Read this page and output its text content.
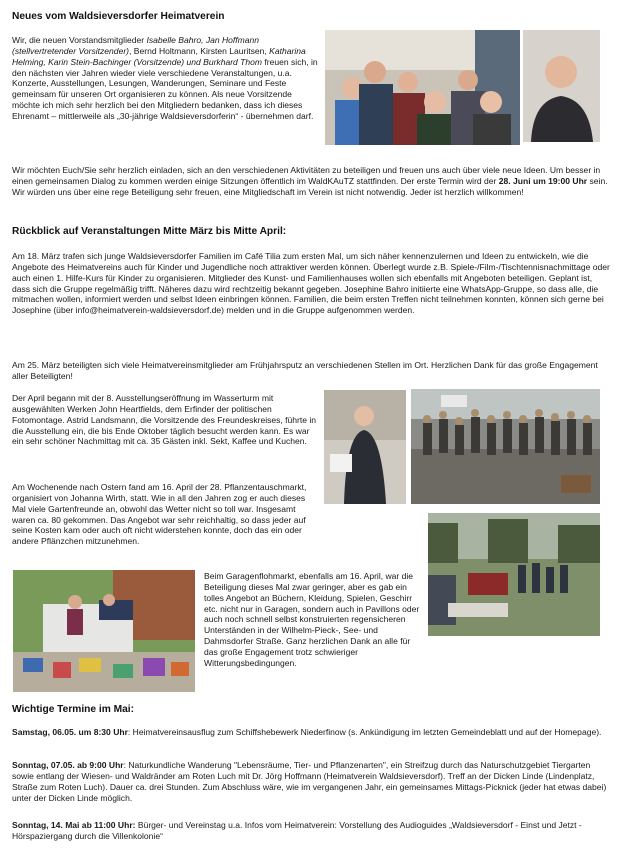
Neues vom Waldsieversdorfer Heimatverein

Wir, die neuen Vorstandsmitglieder Isabelle Bahro, Jan Hoffmann (stellvertretender Vorsitzender), Bernd Holtmann, Kirsten Lauritsen, Katharina Helming, Karin Stein-Bachinger (Vorsitzende) und Burkhard Thom freuen sich, in den nächsten vier Jahren wieder viele verschiedene Veranstaltungen, u.a. Konzerte, Ausstellungen, Lesungen, Wanderungen, Seminare und Feste gemeinsam für unseren Ort organisieren zu können. Als neue Vorsitzende möchte ich mich sehr herzlich bei den Mitgliedern bedanken, dass ich dieses Ehrenamt – mittlerweile als „30-jährige Waldsieversdorferin“ - übernehmen darf.

Wir möchten Euch/Sie sehr herzlich einladen, sich an den verschiedenen Aktivitäten zu beteiligen und freuen uns auch über viele neue Ideen. Um besser in einen gemeinsamen Dialog zu kommen werden einige Sitzungen öffentlich im WaldKAuTZ stattfinden. Der erste Termin wird der 28. Juni um 19:00 Uhr sein. Wir würden uns über eine rege Beteiligung sehr freuen, eine Mitgliedschaft im Verein ist nicht notwendig. Jeder ist herzlich willkommen!

Rückblick auf Veranstaltungen Mitte März bis Mitte April:

Am 18. März trafen sich junge Waldsieversdorfer Familien im Café Tilia zum ersten Mal, um sich näher kennenzulernen und Ideen zu entwickeln, wie die Angebote des Heimatvereins auch für Kinder und Jugendliche noch attraktiver werden können. Überlegt wurde z.B. Spiele-/Film-/Tischtennisnachmittage oder auch einen 1. Hilfe-Kurs für Kinder zu organisieren. Mitglieder des Kunst- und Familienhauses wollen sich ebenfalls mit Angeboten beteiligen. Geplant ist, dass sich die Gruppe regelmäßig trifft. Näheres dazu wird rechtzeitig bekannt gegeben. Josephine Bahro initiierte eine WhatsApp-Gruppe, so dass alle, die mitmachen wollen, informiert werden und selbst Ideen einbringen können. Familien, die beim ersten Treffen nicht teilnehmen konnten, können sich gerne bei Josephine (über info@heimatverein-waldsieversdorf.de) melden und in die Gruppe aufgenommen werden.

Am 25. März beteiligten sich viele Heimatvereinsmitglieder am Frühjahrsputz an verschiedenen Stellen im Ort. Herzlichen Dank für das große Engagement aller Beteiligten!

Der April begann mit der 8. Ausstellungseröffnung im Wasserturm mit ausgewählten Werken John Heartfields, dem Erfinder der politischen Fotomontage. Astrid Landsmann, die Vorsitzende des Freundeskreises, führte in die Ausstellung ein, die bis Ende Oktober täglich besucht werden kann. Es war ein sehr schöner Nachmittag mit ca. 35 Gästen inkl. Sekt, Kaffee und Kuchen.

Am Wochenende nach Ostern fand am 16. April der 28. Pflanzentauschmarkt, organisiert von Johanna Wirth, statt. Wie in all den Jahren zog er auch dieses Mal viele Gartenfreunde an, obwohl das Wetter nicht so toll war. Insgesamt waren ca. 80 gekommen. Das Angebot war sehr reichhaltig, so dass jeder auf seine Kosten kam oder auch oft nicht widerstehen konnte, doch das ein oder andere Pflänzchen mitzunehmen.

Beim Garagenflohmarkt, ebenfalls am 16. April, war die Beteiligung dieses Mal zwar geringer, aber es gab ein tolles Angebot an Büchern, Kleidung, Spielen, Geschirr etc. nicht nur in Garagen, sondern auch in Pavillons oder auch noch schnell selbst konstruierten regensicheren Unterständen in der Wilhelm-Pieck-, See- und Dahmsdorfer Straße. Ganz herzlichen Dank an alle für das große Engagement trotz schwieriger Witterungsbedingungen.

Wichtige Termine im Mai:

Samstag, 06.05. um 8:30 Uhr: Heimatvereinsausflug zum Schiffshebewerk Niederfinow (s. Ankündigung im letzten Gemeindeblatt und auf der Homepage).

Sonntag, 07.05. ab 9:00 Uhr: Naturkundliche Wanderung "Lebensräume, Tier- und Pflanzenarten", ein Streifzug durch das Naturschutzgebiet Tiergarten sowie entlang der Wiesen- und Waldränder am Roten Luch mit Dr. Jörg Hoffmann (Heimatverein Waldsieversdorf). Treff an der Dicken Linde (Lindenplatz, Straße zum Roten Luch). Dauer ca. drei Stunden. Zum Abschluss wäre, wie im vergangenen Jahr, ein gemeinsames Mittags-Picknick (jeder hat etwas dabei) unter der Dicken Linde möglich.

Sonntag, 14. Mai ab 11:00 Uhr: Bürger- und Vereinstag u.a. Infos vom Heimatverein: Vorstellung des Audioguides „Waldsieversdorf - Einst und Jetzt - Hörspaziergang durch die Villenkolonie“
